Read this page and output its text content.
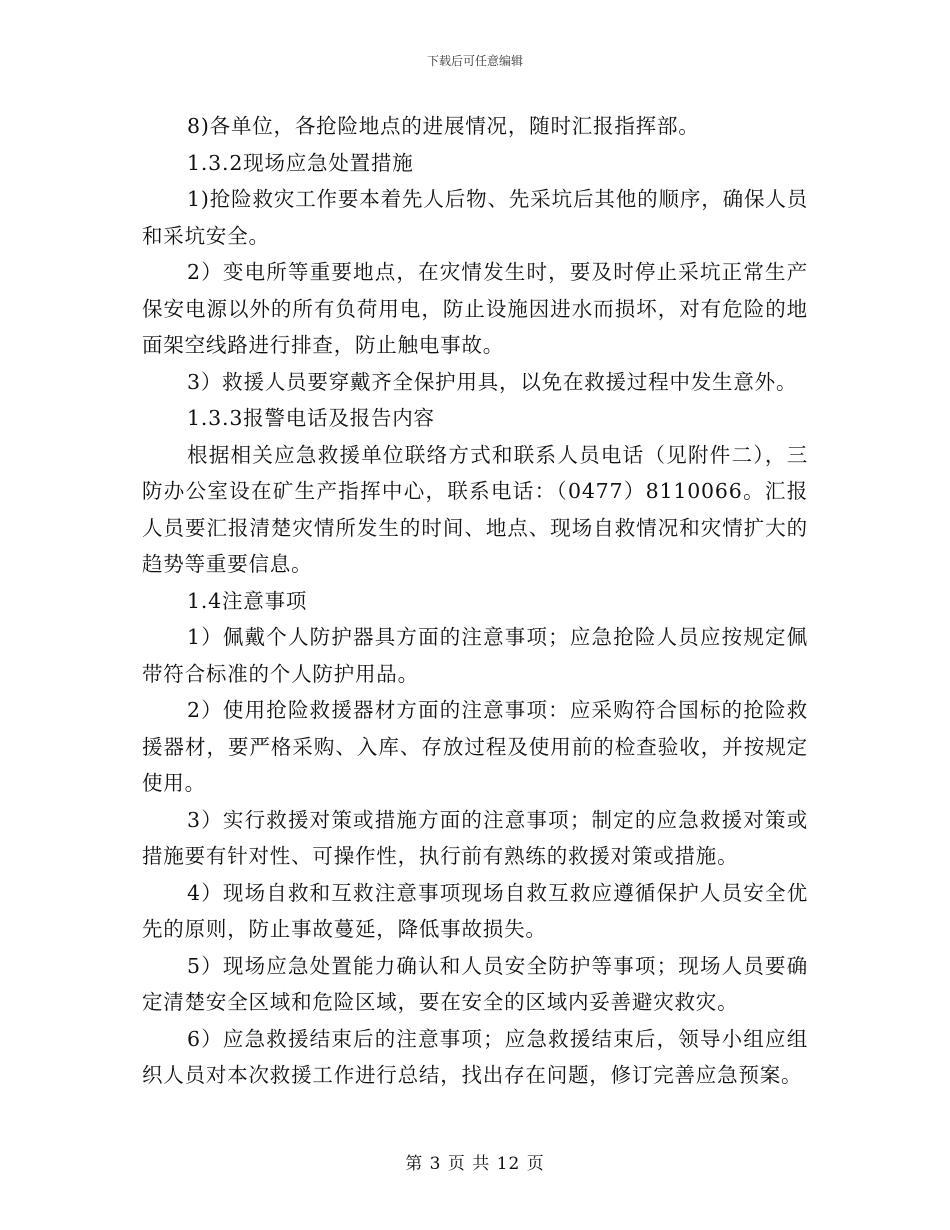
下载后可任意编辑

8)各单位，各抢险地点的进展情况，随时汇报指挥部。

1.3.2现场应急处置措施

1)抢险救灾工作要本着先人后物、先采坑后其他的顺序，确保人员和采坑安全。

2）变电所等重要地点，在灾情发生时，要及时停止采坑正常生产保安电源以外的所有负荷用电，防止设施因进水而损坏，对有危险的地面架空线路进行排查，防止触电事故。

3）救援人员要穿戴齐全保护用具，以免在救援过程中发生意外。

1.3.3报警电话及报告内容

根据相关应急救援单位联络方式和联系人员电话（见附件二），三防办公室设在矿生产指挥中心，联系电话：（0477）8110066。汇报人员要汇报清楚灾情所发生的时间、地点、现场自救情况和灾情扩大的趋势等重要信息。

1.4注意事项

1）佩戴个人防护器具方面的注意事项；应急抢险人员应按规定佩带符合标准的个人防护用品。

2）使用抢险救援器材方面的注意事项：应采购符合国标的抢险救援器材，要严格采购、入库、存放过程及使用前的检查验收，并按规定使用。

3）实行救援对策或措施方面的注意事项；制定的应急救援对策或措施要有针对性、可操作性，执行前有熟练的救援对策或措施。

4）现场自救和互救注意事项现场自救互救应遵循保护人员安全优先的原则，防止事故蔓延，降低事故损失。

5）现场应急处置能力确认和人员安全防护等事项；现场人员要确定清楚安全区域和危险区域，要在安全的区域内妥善避灾救灾。

6）应急救援结束后的注意事项；应急救援结束后，领导小组应组织人员对本次救援工作进行总结，找出存在问题，修订完善应急预案。

第 3 页 共 12 页
